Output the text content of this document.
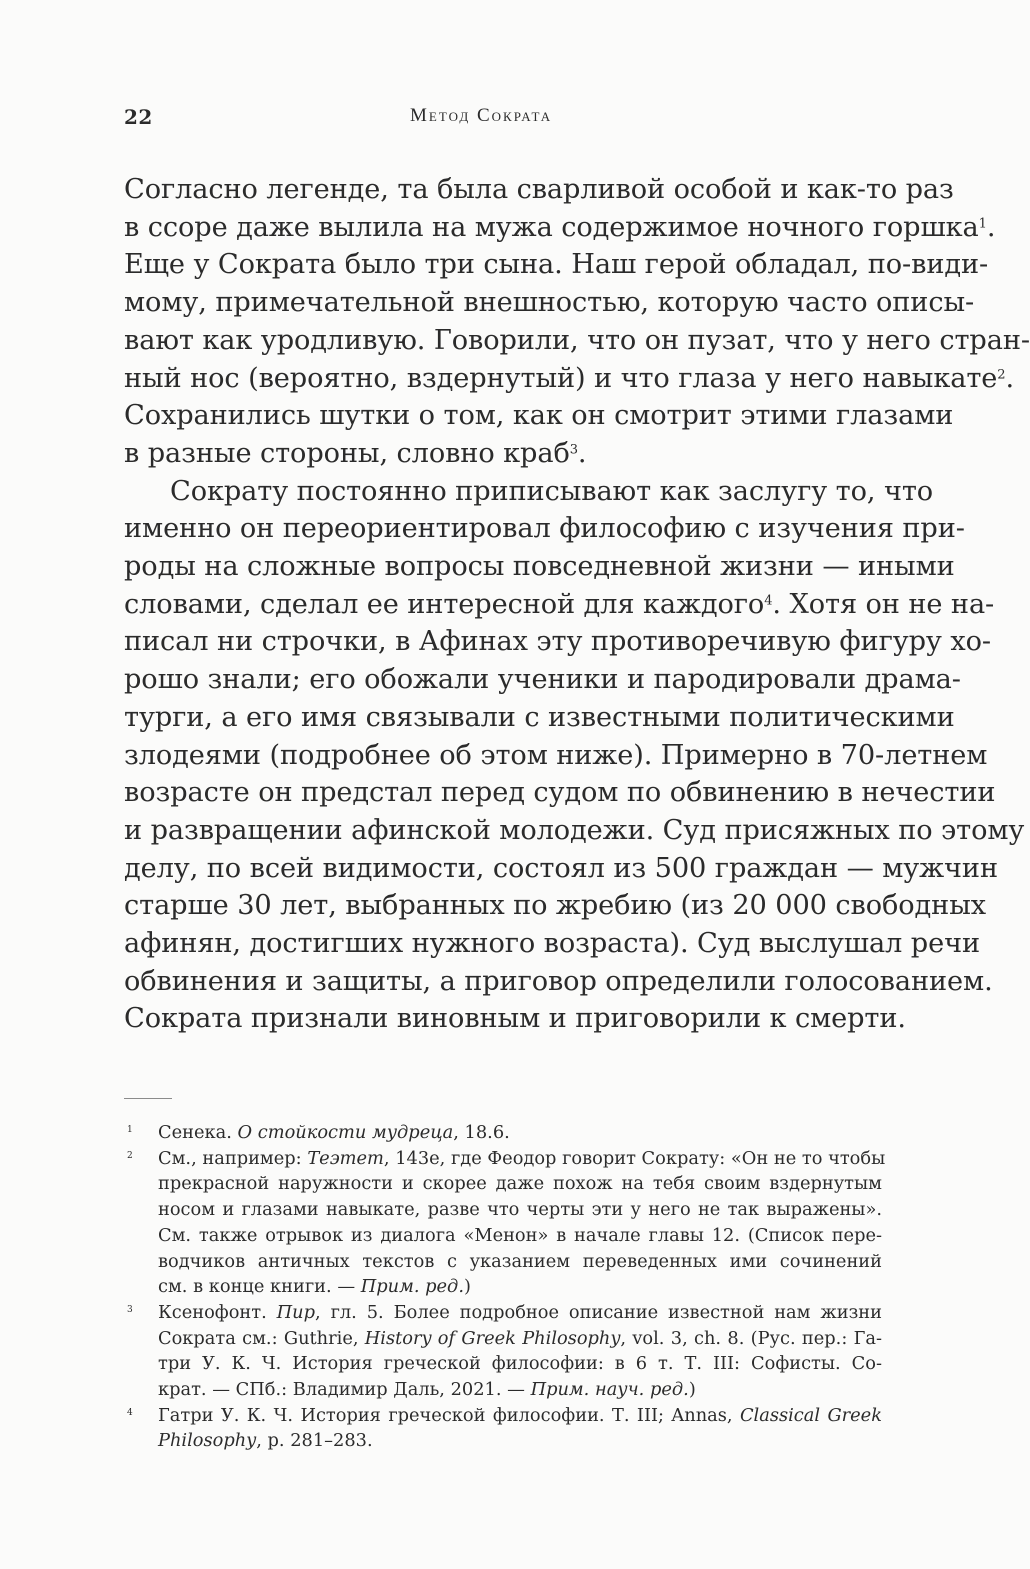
22	Метод Сократа
Согласно легенде, та была сварливой особой и как-то раз
в ссоре даже вылила на мужа содержимое ночного горшка$^1$.
Еще у Сократа было три сына. Наш герой обладал, по-види-
мому, примечательной внешностью, которую часто описы-
вают как уродливую. Говорили, что он пузат, что у него стран-
ный нос (вероятно, вздернутый) и что глаза у него навыкате$^2$.
Сохранились шутки о том, как он смотрит этими глазами
в разные стороны, словно краб$^3$.
Сократу постоянно приписывают как заслугу то, что
именно он переориентировал философию с изучения при-
роды на сложные вопросы повседневной жизни — иными
словами, сделал ее интересной для каждого$^4$. Хотя он не на-
писал ни строчки, в Афинах эту противоречивую фигуру хо-
рошо знали; его обожали ученики и пародировали драма-
турги, а его имя связывали с известными политическими
злодеями (подробнее об этом ниже). Примерно в 70-летнем
возрасте он предстал перед судом по обвинению в нечестии
и развращении афинской молодежи. Суд присяжных по этому
делу, по всей видимости, состоял из 500 граждан — мужчин
старше 30 лет, выбранных по жребию (из 20 000 свободных
афинян, достигших нужного возраста). Суд выслушал речи
обвинения и защиты, а приговор определили голосованием.
Сократа признали виновным и приговорили к смерти.
1 Сенека. О стойкости мудреца, 18.6.
2 См., например: Теэтет, 143e, где Феодор говорит Сократу: «Он не то чтобы
прекрасной наружности и скорее даже похож на тебя своим вздернутым
носом и глазами навыкате, разве что черты эти у него не так выражены».
См. также отрывок из диалога «Менон» в начале главы 12. (Список пере-
водчиков античных текстов с указанием переведенных ими сочинений
см. в конце книги. — Прим. ред.)
3 Ксенофонт. Пир, гл. 5. Более подробное описание известной нам жизни
Сократа см.: Guthrie, History of Greek Philosophy, vol. 3, ch. 8. (Рус. пер.: Га-
три У. К. Ч. История греческой философии: в 6 т. Т. III: Софисты. Со-
крат. — СПб.: Владимир Даль, 2021. — Прим. науч. ред.)
4 Гатри У. К. Ч. История греческой философии. Т. III; Annas, Classical Greek
Philosophy, p. 281–283.
